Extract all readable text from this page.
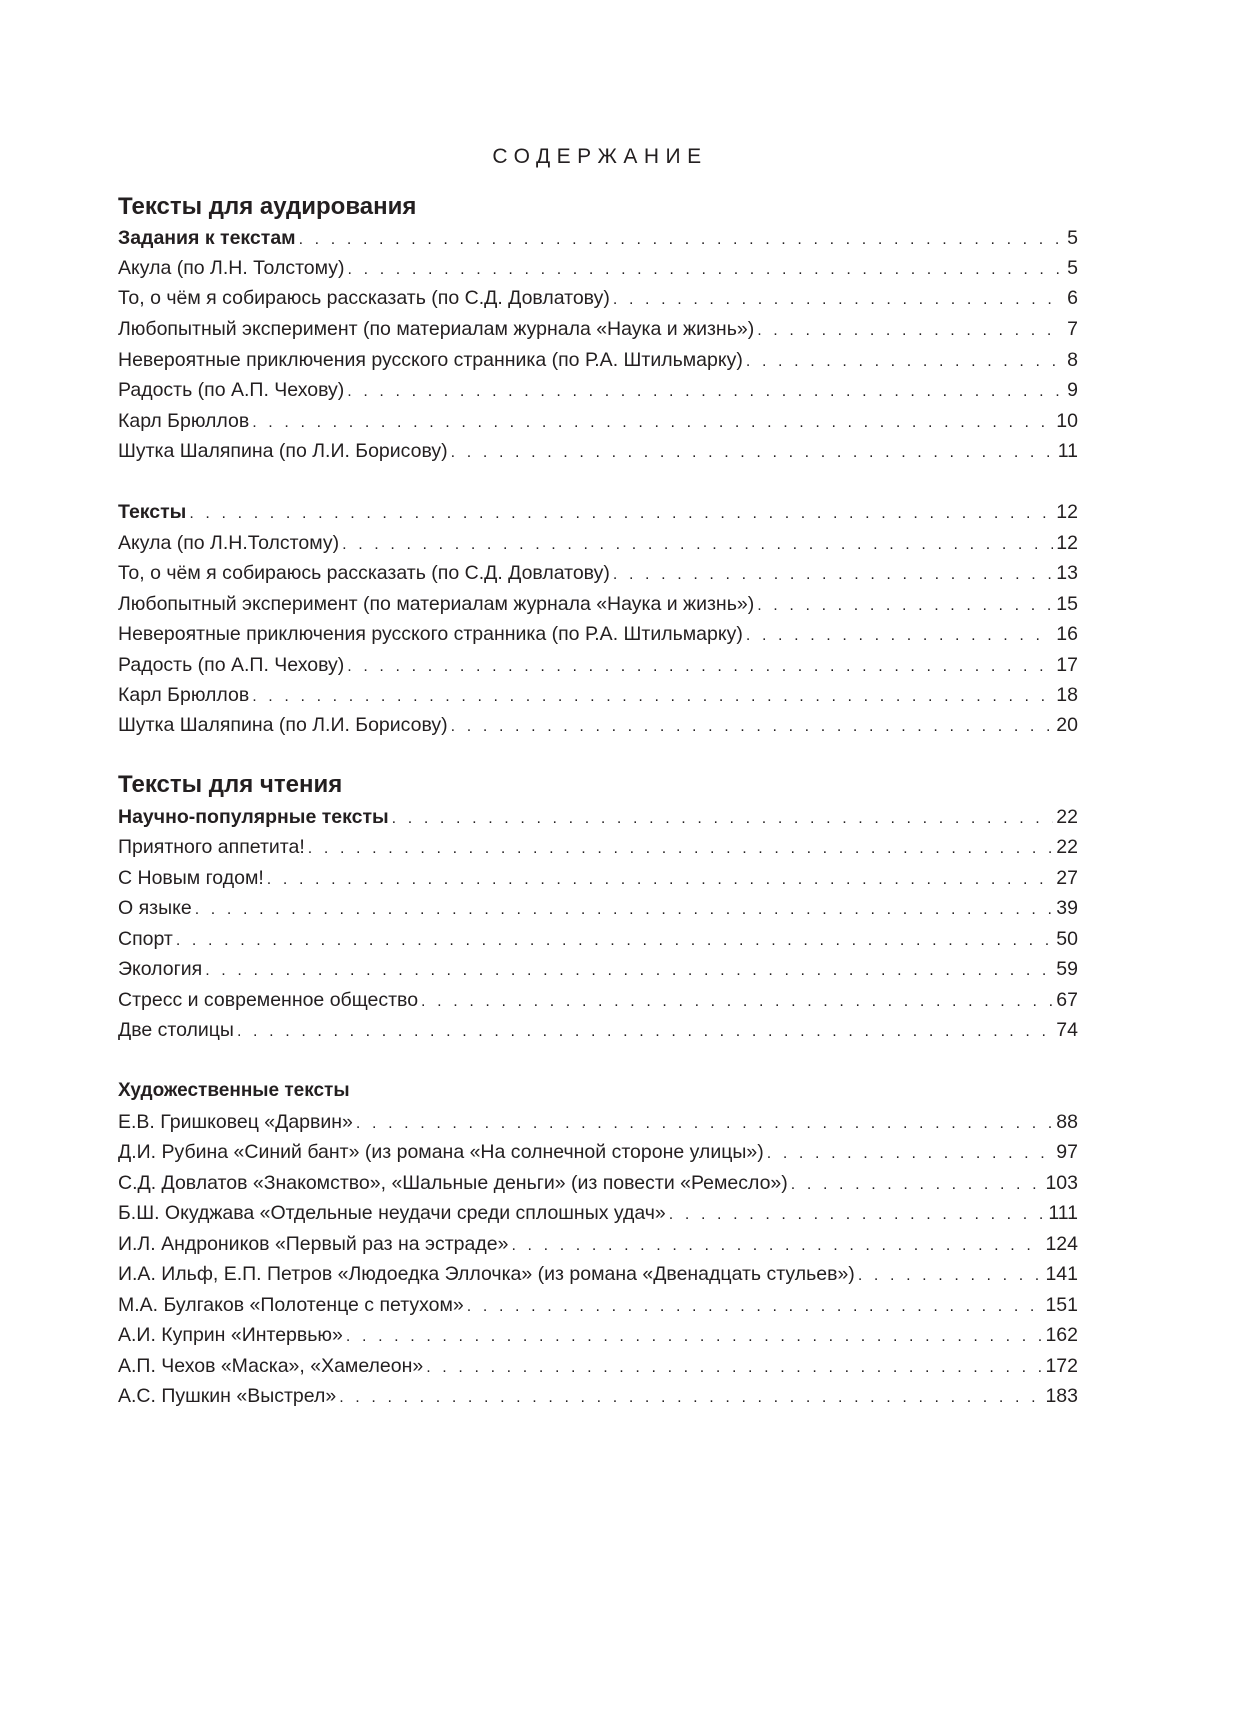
СОДЕРЖАНИЕ
Тексты для аудирования
Задания к текстам . . .	5
Акула (по Л.Н. Толстому) . . .	5
То, о чём я собираюсь рассказать (по С.Д. Довлатову) . . .	6
Любопытный эксперимент (по материалам журнала «Наука и жизнь») . . .	7
Невероятные приключения русского странника (по Р.А. Штильмарку) . . .	8
Радость (по А.П. Чехову) . . .	9
Карл Брюллов . . .	10
Шутка Шаляпина (по Л.И. Борисову) . . .	11
Тексты . . .	12
Акула (по Л.Н.Толстому) . . .	12
То, о чём я собираюсь рассказать (по С.Д. Довлатову) . . .	13
Любопытный эксперимент (по материалам журнала «Наука и жизнь») . . .	15
Невероятные приключения русского странника (по Р.А. Штильмарку) . . .	16
Радость (по А.П. Чехову) . . .	17
Карл Брюллов . . .	18
Шутка Шаляпина (по Л.И. Борисову) . . .	20
Тексты для чтения
Научно-популярные тексты . . .	22
Приятного аппетита! . . .	22
С Новым годом! . . .	27
О языке . . .	39
Спорт . . .	50
Экология . . .	59
Стресс и современное общество . . .	67
Две столицы . . .	74
Художественные тексты
Е.В. Гришковец «Дарвин» . . .	88
Д.И. Рубина «Синий бант» (из романа «На солнечной стороне улицы») . . .	97
С.Д. Довлатов «Знакомство», «Шальные деньги» (из повести «Ремесло») . . .	103
Б.Ш. Окуджава «Отдельные неудачи среди сплошных удач» . . .	111
И.Л. Андроников «Первый раз на эстраде» . . .	124
И.А. Ильф, Е.П. Петров «Людоедка Эллочка» (из романа «Двенадцать стульев») . . .	141
М.А. Булгаков «Полотенце с петухом» . . .	151
А.И. Куприн «Интервью» . . .	162
А.П. Чехов «Маска», «Хамелеон» . . .	172
А.С. Пушкин «Выстрел» . . .	183
